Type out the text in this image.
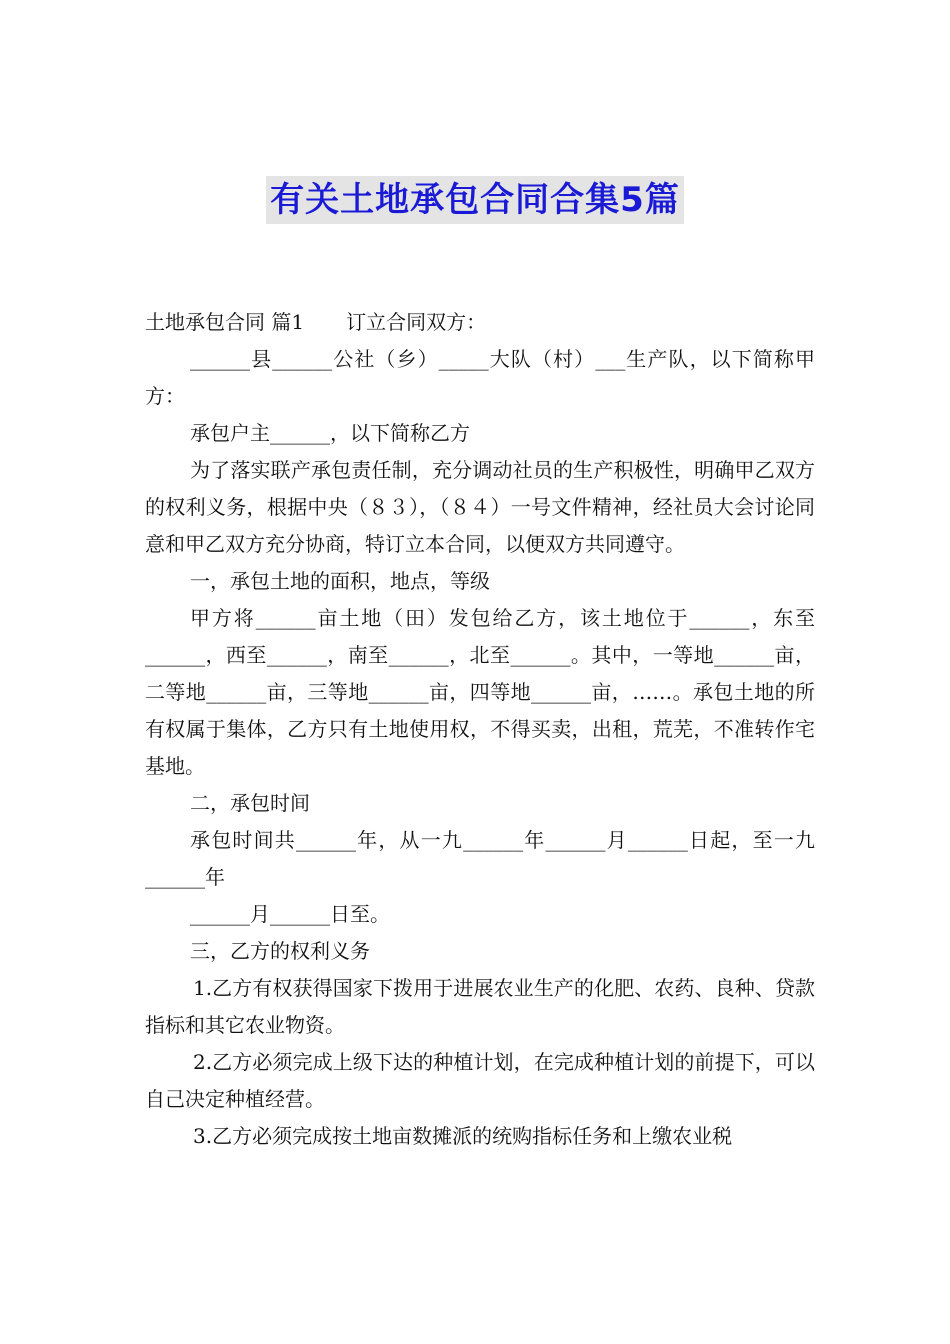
有关土地承包合同合集5篇

土地承包合同 篇1 订立合同双方：

______县______公社（乡）_____大队（村）___生产队，以下简称甲方：

承包户主______，以下简称乙方

为了落实联产承包责任制，充分调动社员的生产积极性，明确甲乙双方的权利义务，根据中央（８３），（８４）一号文件精神，经社员大会讨论同意和甲乙双方充分协商，特订立本合同，以便双方共同遵守。

一，承包土地的面积，地点，等级

甲方将______亩土地（田）发包给乙方，该土地位于______，东至______，西至______，南至______，北至______。其中，一等地______亩，二等地______亩，三等地______亩，四等地______亩，……。承包土地的所有权属于集体，乙方只有土地使用权，不得买卖，出租，荒芜，不准转作宅基地。

二，承包时间

承包时间共______年，从一九______年______月______日起，至一九______年

______月______日至。

三，乙方的权利义务

1.乙方有权获得国家下拨用于进展农业生产的化肥、农药、良种、贷款指标和其它农业物资。

2.乙方必须完成上级下达的种植计划，在完成种植计划的前提下，可以自己决定种植经营。

3.乙方必须完成按土地亩数摊派的统购指标任务和上缴农业税
